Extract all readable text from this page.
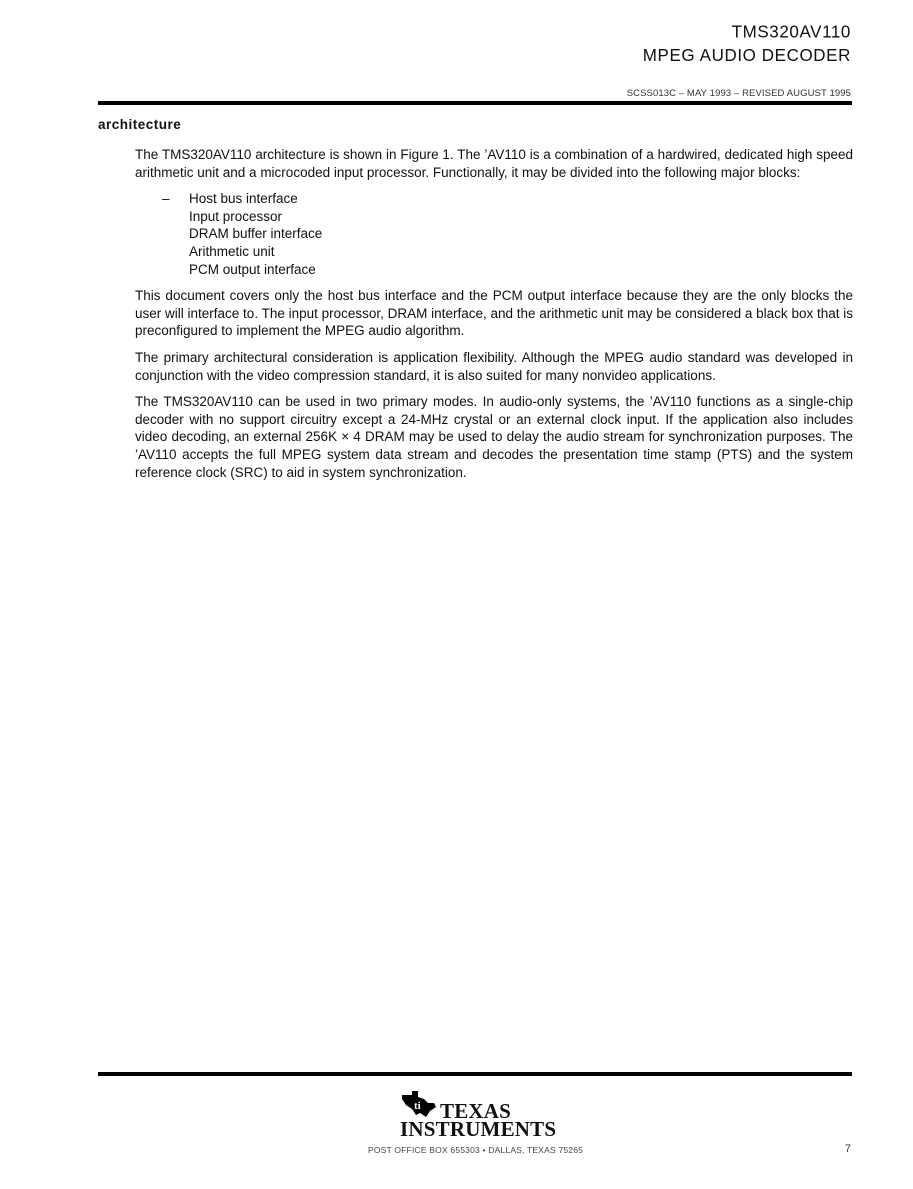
TMS320AV110
MPEG AUDIO DECODER
SCSS013C – MAY 1993 – REVISED AUGUST 1995
architecture

The TMS320AV110 architecture is shown in Figure 1. The ’AV110 is a combination of a hardwired, dedicated high speed arithmetic unit and a microcoded input processor. Functionally, it may be divided into the following major blocks:

– Host bus interface
Input processor
DRAM buffer interface
Arithmetic unit
PCM output interface

This document covers only the host bus interface and the PCM output interface because they are the only blocks the user will interface to. The input processor, DRAM interface, and the arithmetic unit may be considered a black box that is preconfigured to implement the MPEG audio algorithm.

The primary architectural consideration is application flexibility. Although the MPEG audio standard was developed in conjunction with the video compression standard, it is also suited for many nonvideo applications.

The TMS320AV110 can be used in two primary modes. In audio-only systems, the ’AV110 functions as a single-chip decoder with no support circuitry except a 24-MHz crystal or an external clock input. If the application also includes video decoding, an external 256K × 4 DRAM may be used to delay the audio stream for synchronization purposes. The ’AV110 accepts the full MPEG system data stream and decodes the presentation time stamp (PTS) and the system reference clock (SRC) to aid in system synchronization.

ti TEXAS
INSTRUMENTS
POST OFFICE BOX 655303 • DALLAS, TEXAS 75265	7
